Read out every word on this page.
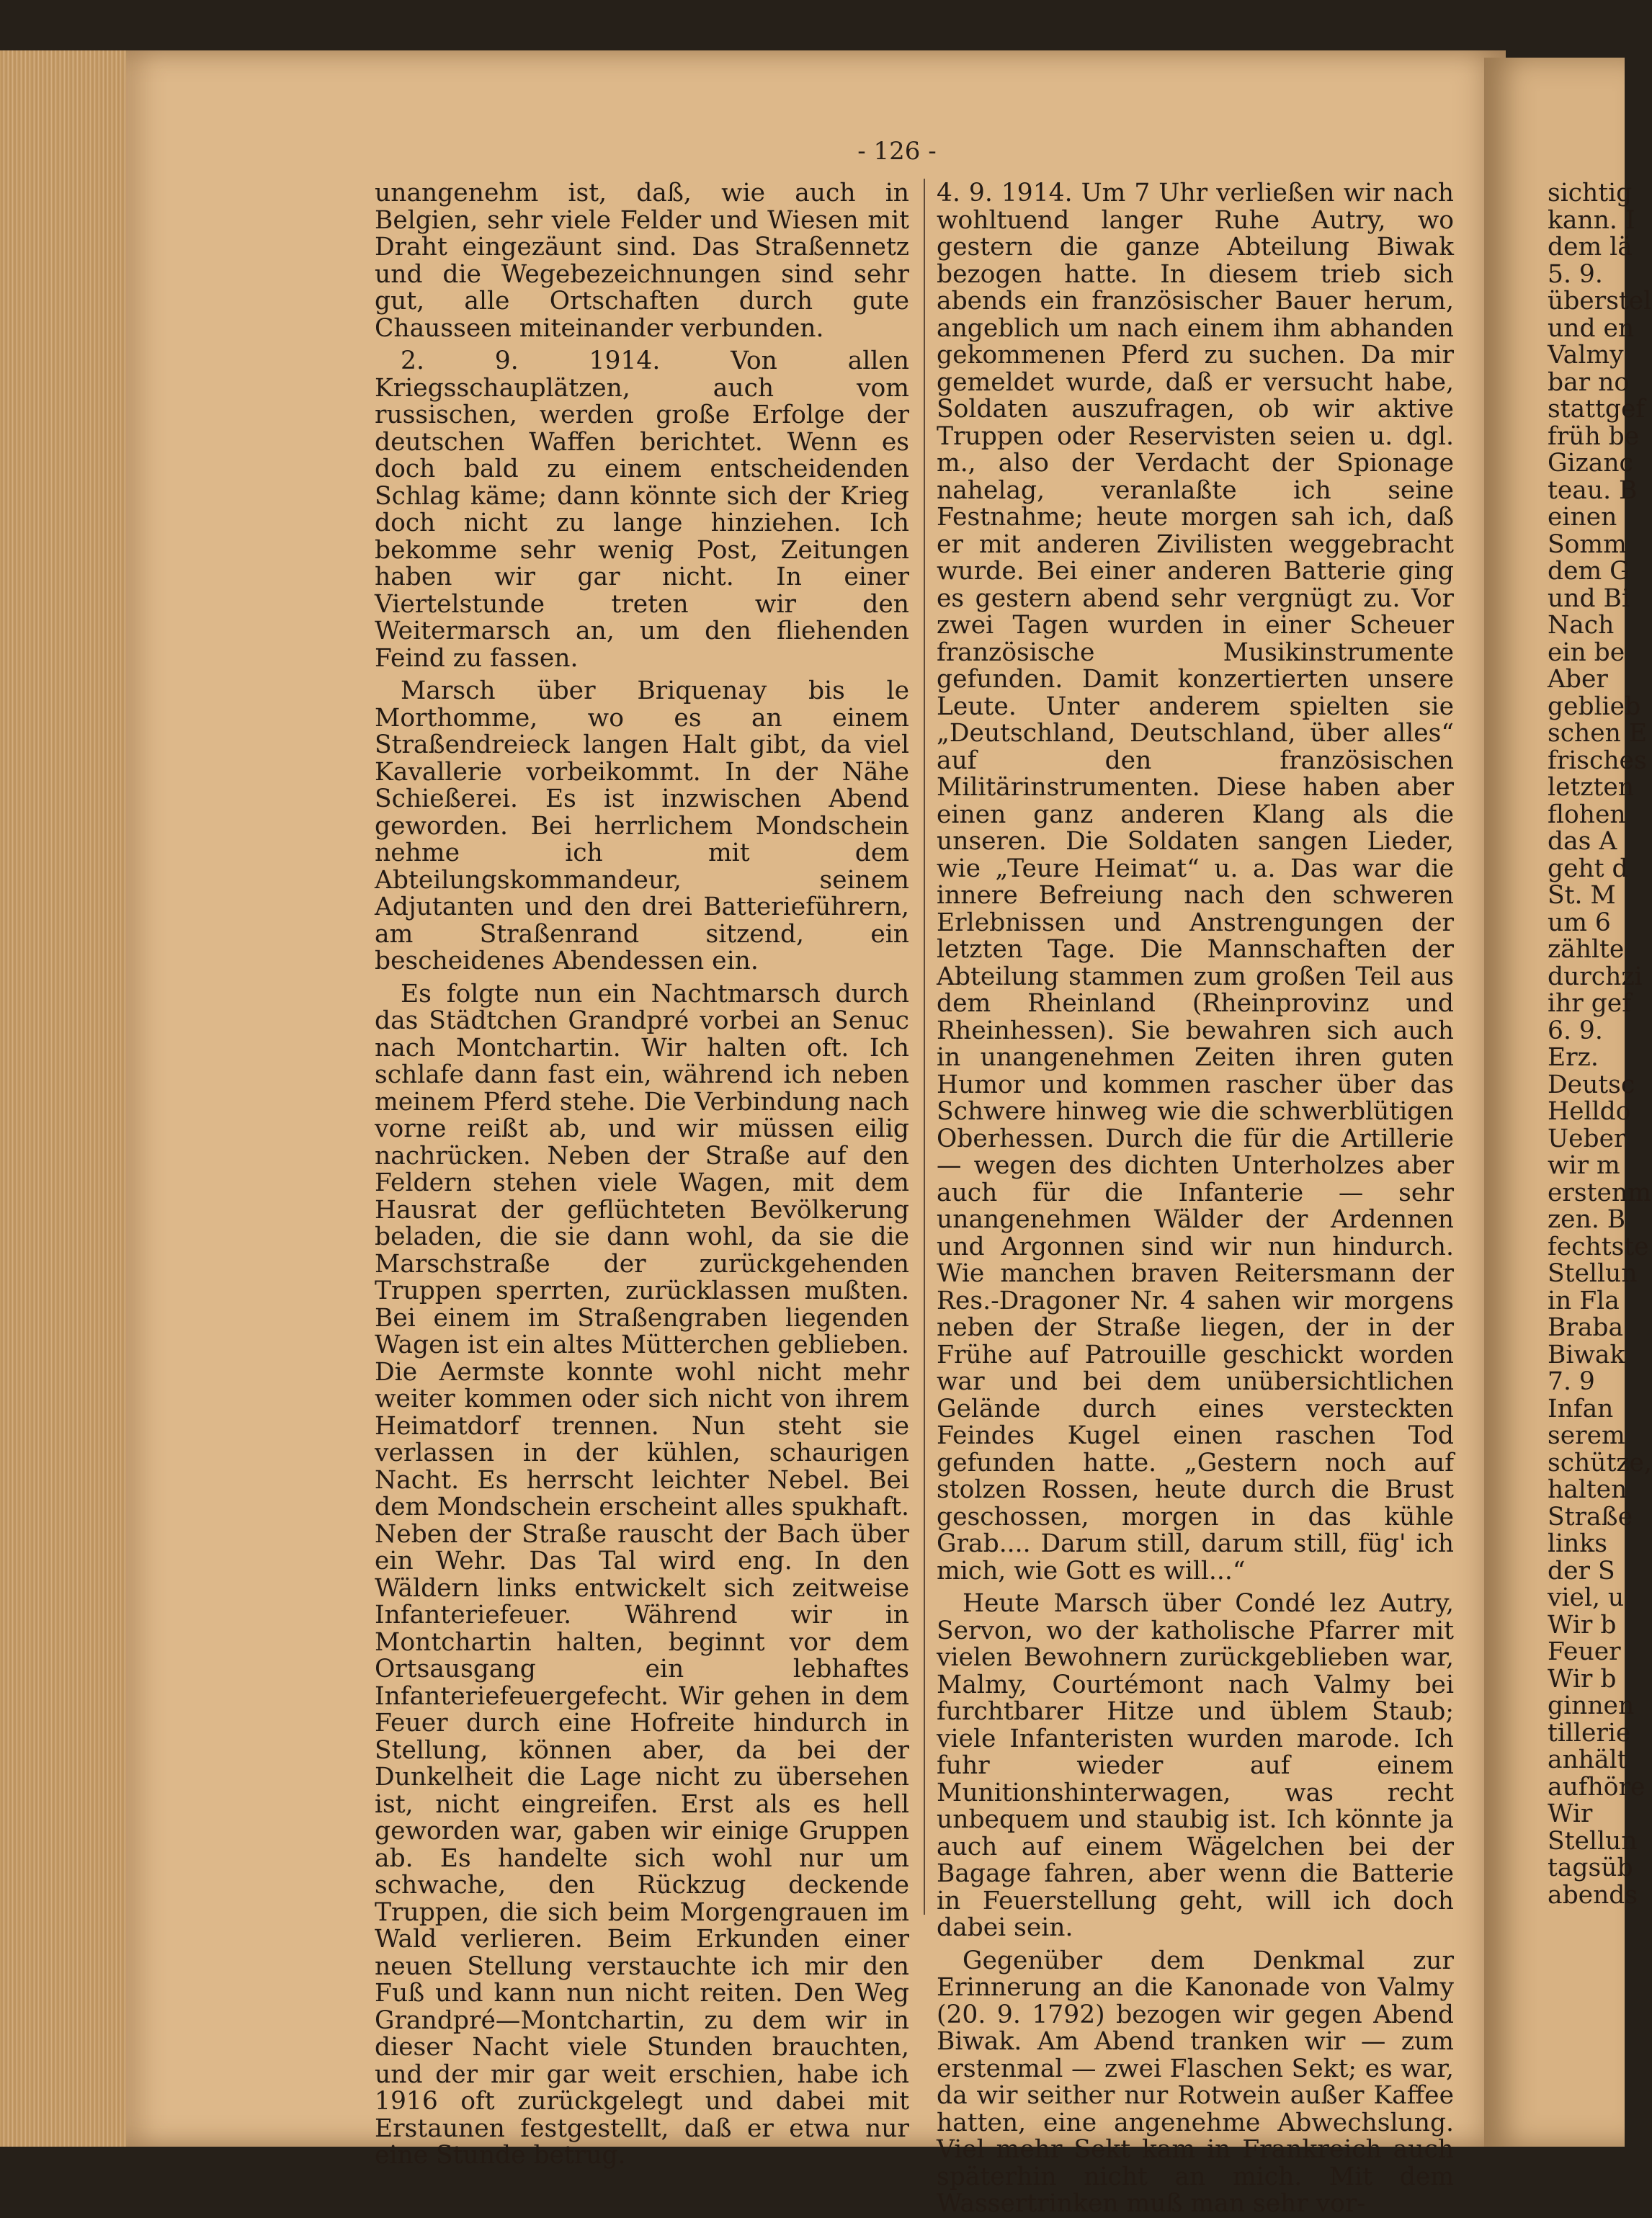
- 126 -

unangenehm ist, daß, wie auch in Belgien, sehr viele Felder und Wiesen mit Draht eingezäunt sind. Das Straßennetz und die Wegebezeichnungen sind sehr gut, alle Ortschaften durch gute Chausseen miteinander verbunden.

2. 9. 1914. Von allen Kriegsschauplätzen, auch vom russischen, werden große Erfolge der deutschen Waffen berichtet. Wenn es doch bald zu einem entscheidenden Schlag käme; dann könnte sich der Krieg doch nicht zu lange hinziehen. Ich bekomme sehr wenig Post, Zeitungen haben wir gar nicht. In einer Viertelstunde treten wir den Weitermarsch an, um den fliehenden Feind zu fassen.

Marsch über Briquenay bis le Morthomme, wo es an einem Straßendreieck langen Halt gibt, da viel Kavallerie vorbeikommt. In der Nähe Schießerei. Es ist inzwischen Abend geworden. Bei herrlichem Mondschein nehme ich mit dem Abteilungskommandeur, seinem Adjutanten und den drei Batterieführern, am Straßenrand sitzend, ein bescheidenes Abendessen ein.

Es folgte nun ein Nachtmarsch durch das Städtchen Grandpré vorbei an Senuc nach Montchartin. Wir halten oft. Ich schlafe dann fast ein, während ich neben meinem Pferd stehe. Die Verbindung nach vorne reißt ab, und wir müssen eilig nachrücken. Neben der Straße auf den Feldern stehen viele Wagen, mit dem Hausrat der geflüchteten Bevölkerung beladen, die sie dann wohl, da sie die Marschstraße der zurückgehenden Truppen sperrten, zurücklassen mußten. Bei einem im Straßengraben liegenden Wagen ist ein altes Mütterchen geblieben. Die Aermste konnte wohl nicht mehr weiter kommen oder sich nicht von ihrem Heimatdorf trennen. Nun steht sie verlassen in der kühlen, schaurigen Nacht. Es herrscht leichter Nebel. Bei dem Mondschein erscheint alles spukhaft. Neben der Straße rauscht der Bach über ein Wehr. Das Tal wird eng. In den Wäldern links entwickelt sich zeitweise Infanteriefeuer. Während wir in Montchartin halten, beginnt vor dem Ortsausgang ein lebhaftes Infanteriefeuergefecht. Wir gehen in dem Feuer durch eine Hofreite hindurch in Stellung, können aber, da bei der Dunkelheit die Lage nicht zu übersehen ist, nicht eingreifen. Erst als es hell geworden war, gaben wir einige Gruppen ab. Es handelte sich wohl nur um schwache, den Rückzug deckende Truppen, die sich beim Morgengrauen im Wald verlieren. Beim Erkunden einer neuen Stellung verstauchte ich mir den Fuß und kann nun nicht reiten. Den Weg Grandpré—Montchartin, zu dem wir in dieser Nacht viele Stunden brauchten, und der mir gar weit erschien, habe ich 1916 oft zurückgelegt und dabei mit Erstaunen festgestellt, daß er etwa nur eine Stunde betrug.

4. 9. 1914. Um 7 Uhr verließen wir nach wohltuend langer Ruhe Autry, wo gestern die ganze Abteilung Biwak bezogen hatte. In diesem trieb sich abends ein französischer Bauer herum, angeblich um nach einem ihm abhanden gekommenen Pferd zu suchen. Da mir gemeldet wurde, daß er versucht habe, Soldaten auszufragen, ob wir aktive Truppen oder Reservisten seien u. dgl. m., also der Verdacht der Spionage nahelag, veranlaßte ich seine Festnahme; heute morgen sah ich, daß er mit anderen Zivilisten weggebracht wurde. Bei einer anderen Batterie ging es gestern abend sehr vergnügt zu. Vor zwei Tagen wurden in einer Scheuer französische Musikinstrumente gefunden. Damit konzertierten unsere Leute. Unter anderem spielten sie „Deutschland, Deutschland, über alles“ auf den französischen Militärinstrumenten. Diese haben aber einen ganz anderen Klang als die unseren. Die Soldaten sangen Lieder, wie „Teure Heimat“ u. a. Das war die innere Befreiung nach den schweren Erlebnissen und Anstrengungen der letzten Tage. Die Mannschaften der Abteilung stammen zum großen Teil aus dem Rheinland (Rheinprovinz und Rheinhessen). Sie bewahren sich auch in unangenehmen Zeiten ihren guten Humor und kommen rascher über das Schwere hinweg wie die schwerblütigen Oberhessen. Durch die für die Artillerie — wegen des dichten Unterholzes aber auch für die Infanterie — sehr unangenehmen Wälder der Ardennen und Argonnen sind wir nun hindurch. Wie manchen braven Reitersmann der Res.-Dragoner Nr. 4 sahen wir morgens neben der Straße liegen, der in der Frühe auf Patrouille geschickt worden war und bei dem unübersichtlichen Gelände durch eines versteckten Feindes Kugel einen raschen Tod gefunden hatte. „Gestern noch auf stolzen Rossen, heute durch die Brust geschossen, morgen in das kühle Grab.... Darum still, darum still, füg' ich mich, wie Gott es will...“

Heute Marsch über Condé lez Autry, Servon, wo der katholische Pfarrer mit vielen Bewohnern zurückgeblieben war, Malmy, Courtémont nach Valmy bei furchtbarer Hitze und üblem Staub; viele Infanteristen wurden marode. Ich fuhr wieder auf einem Munitionshinterwagen, was recht unbequem und staubig ist. Ich könnte ja auch auf einem Wägelchen bei der Bagage fahren, aber wenn die Batterie in Feuerstellung geht, will ich doch dabei sein.

Gegenüber dem Denkmal zur Erinnerung an die Kanonade von Valmy (20. 9. 1792) bezogen wir gegen Abend Biwak. Am Abend tranken wir — zum erstenmal — zwei Flaschen Sekt; es war, da wir seither nur Rotwein außer Kaffee hatten, eine angenehme Abwechslung. Viel mehr Sekt kam in Frankreich auch späterhin nicht an mich. Mit dem Wassertrinken muß man sehr vor-

sichtig
kann. I
dem lä
5. 9.
überstel
und en
Valmy
bar no
stattgef
früh be
Gizanc
teau. B
einen
Somm
dem G
und Bi
Nach
ein be
Aber
geblieb
schen E
frisches
letzten
flohen
das A
geht d
St. M
um 6
zählte
durchzi
ihr gef
6. 9.
Erz.
Deutsc
Helldo
Ueber
wir m
erstenm
zen. B
fechtste
Stellun
in Fla
Braba
Biwak
7. 9
Infan
serem
schütze,
halten
Straße
links
der S
viel, u
Wir b
Feuer
Wir b
ginnen
tillerie
anhält
aufhöre
Wir
Stellun
tagsüb
abends
